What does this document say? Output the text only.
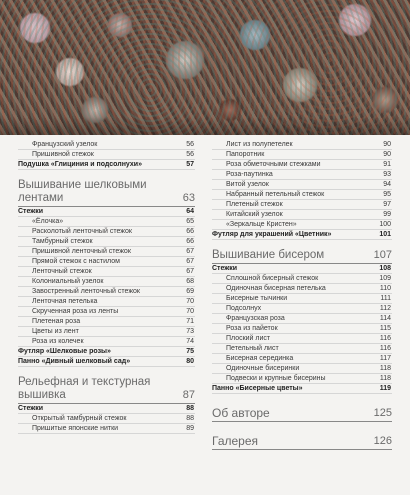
Французский узелок	56
Пришивной стежок	56
Подушка «Глициния и подсолнухи»	57
Вышивание шелковыми
лентами	63
Стежки	64
«Ёлочка»	65
Расколотый ленточный стежок	66
Тамбурный стежок	66
Пришивной ленточный стежок	67
Прямой стежок с настилом	67
Ленточный стежок	67
Колониальный узелок	68
Завостренный ленточный стежок	69
Ленточная петелька	70
Скрученная роза из ленты	70
Плетеная роза	71
Цветы из лент	73
Роза из колечек	74
Футляр «Шелковые розы»	75
Панно «Дивный шелковый сад»	80
Рельефная и текстурная
вышивка	87
Стежки	88
Открытый тамбурный стежок	88
Пришитые японские нитки	89
Лист из полупетелек	90
Папоротник	90
Роза обметочными стежками	91
Роза-паутинка	93
Витой узелок	94
Набранный петельный стежок	95
Плетеный стежок	97
Китайский узелок	99
«Зеркальце Кристен»	100
Футляр для украшений «Цветник»	101
Вышивание бисером	107
Стежки	108
Сплошной бисерный стежок	109
Одиночная бисерная петелька	110
Бисерные тычинки	111
Подсолнух	112
Французская роза	114
Роза из пайеток	115
Плоский лист	116
Петельный лист	116
Бисерная серединка	117
Одиночные бисеринки	118
Подвески и крупные бисерины	118
Панно «Бисерные цветы»	119
Об авторе	125
Галерея	126
